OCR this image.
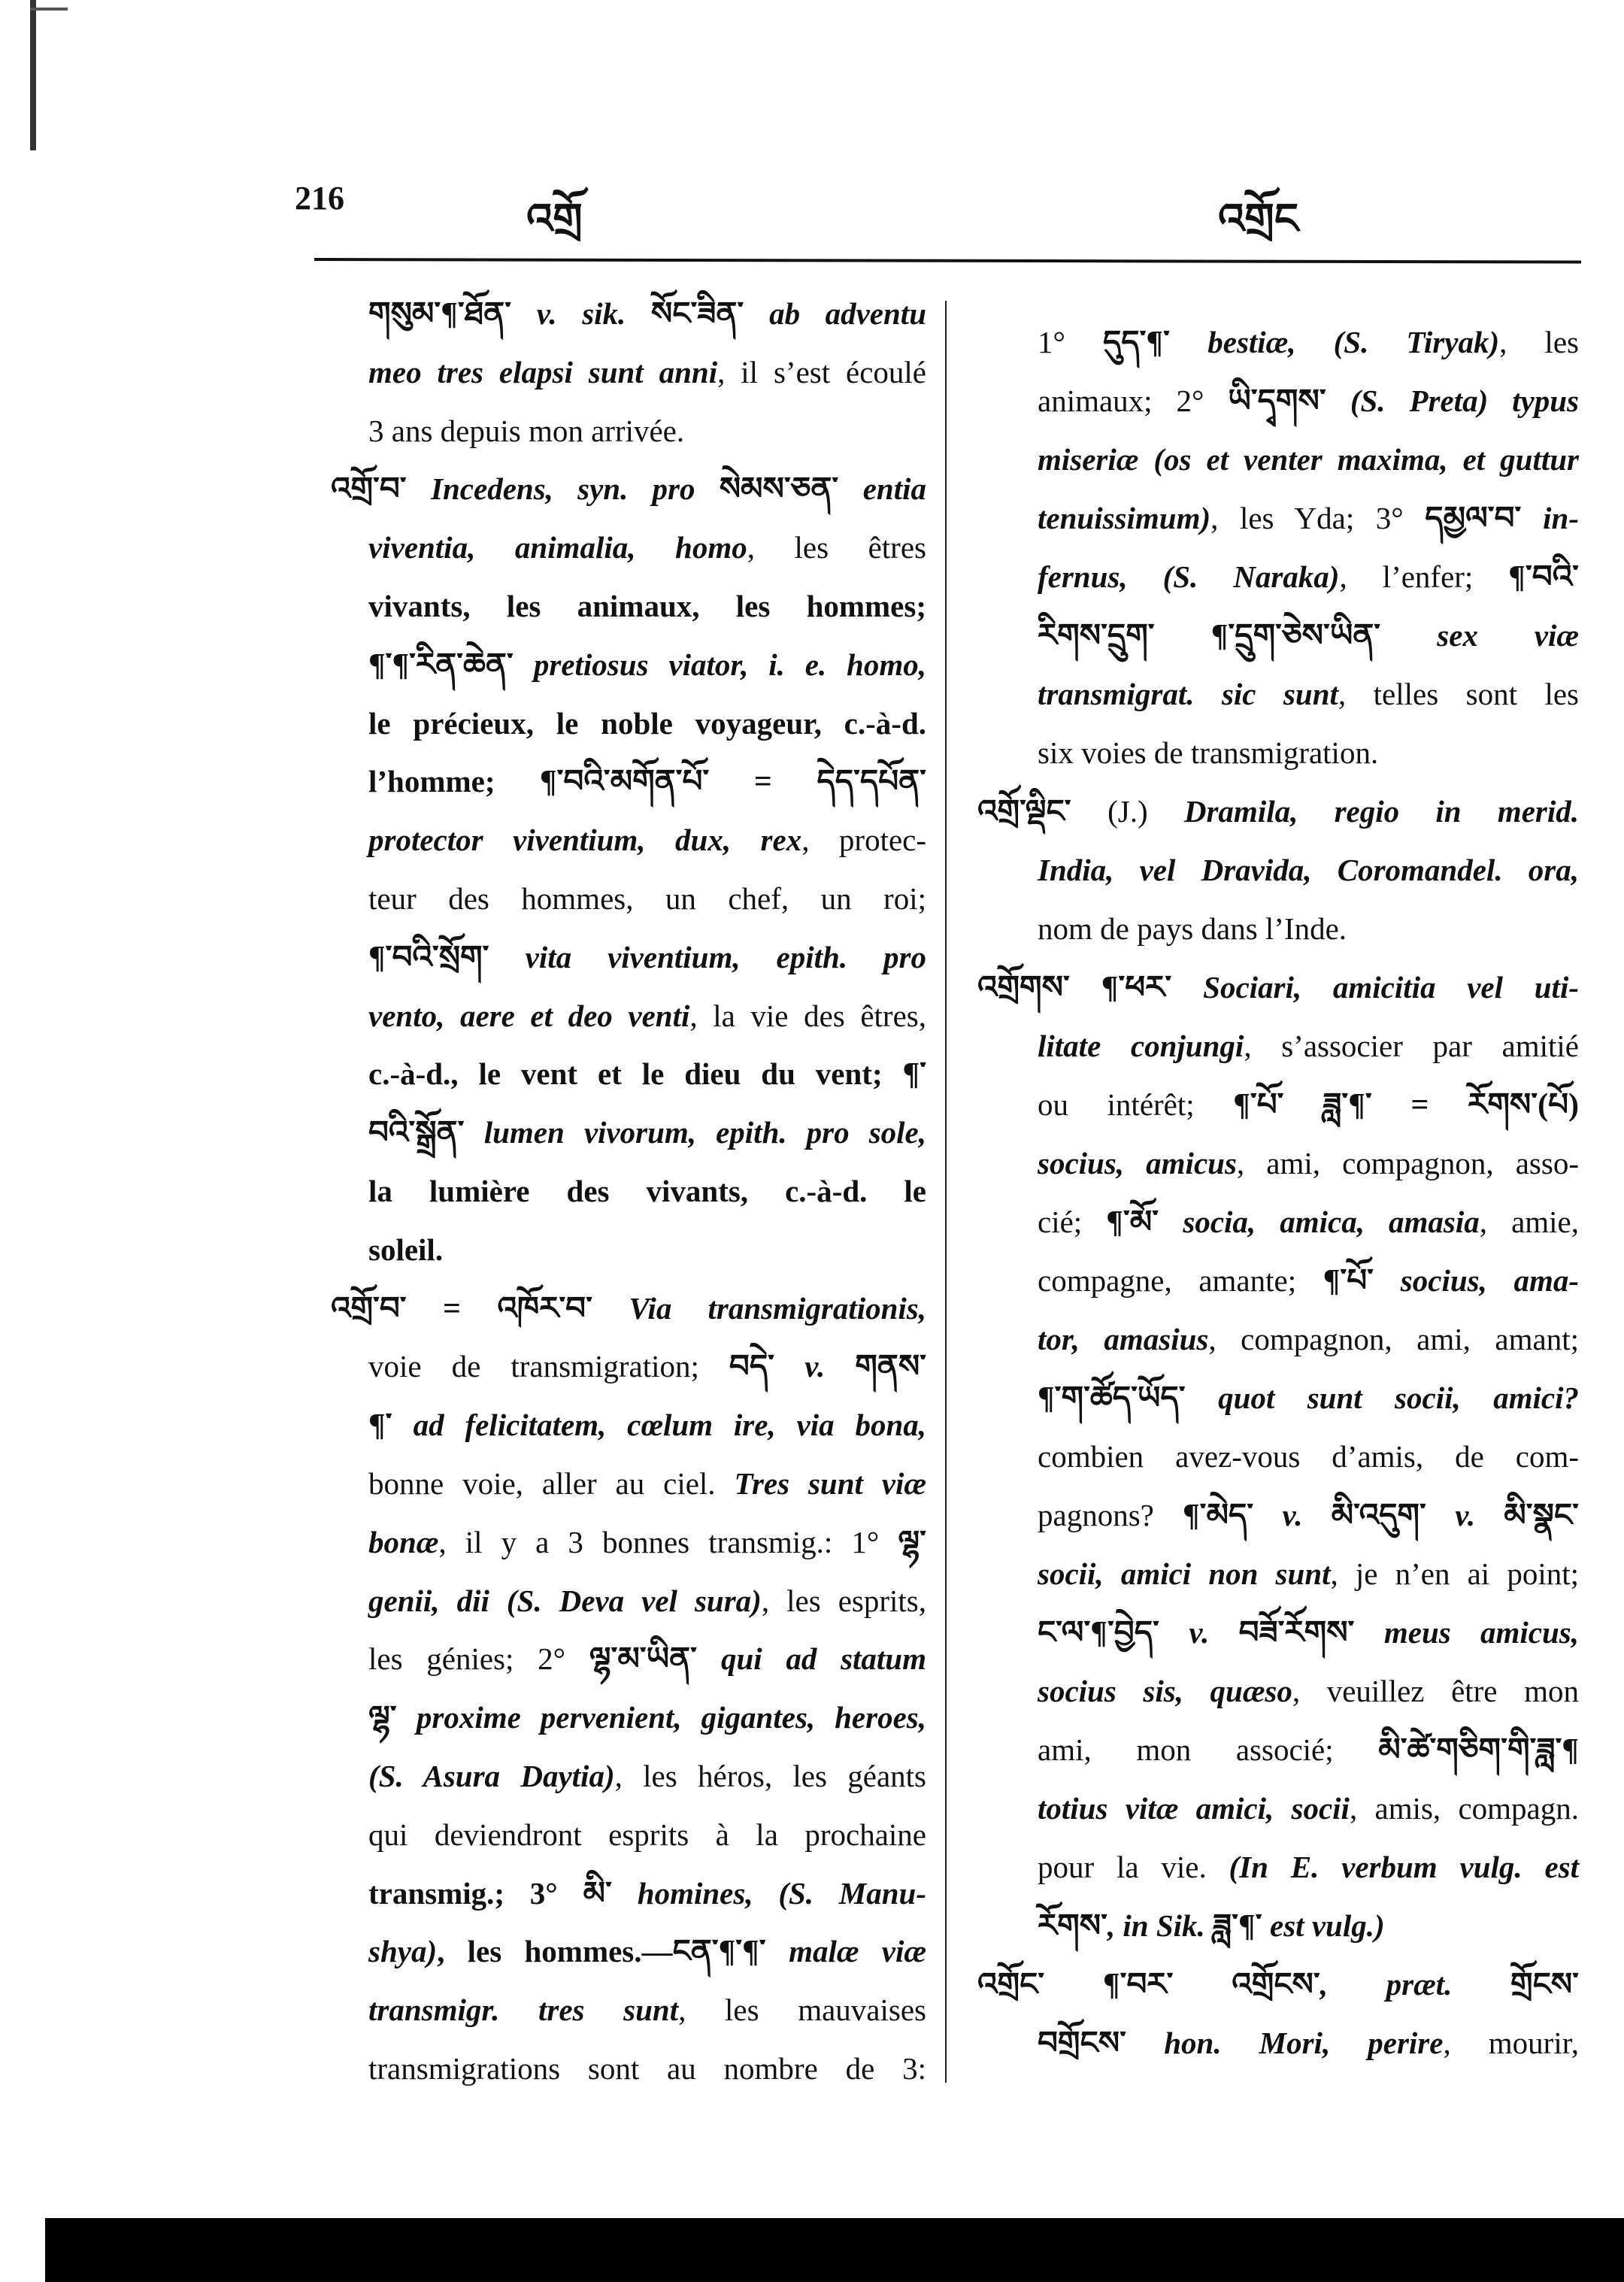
216	འགྲོ	འགྲོང
གསུམ་¶་ཐོན་ v. sik. སོང་ཟིན་ ab adventu
meo tres elapsi sunt anni, il s’est écoulé
3 ans depuis mon arrivée.
འགྲོ་བ་ Incedens, syn. pro སེམས་ཅན་ entia
viventia, animalia, homo, les êtres
vivants, les animaux, les hommes;
¶་¶་རིན་ཆེན་ pretiosus viator, i. e. homo,
le précieux, le noble voyageur, c.-à-d.
l’homme; ¶་བའི་མགོན་པོ་ = དེད་དཔོན་
protector viventium, dux, rex, protec-
teur des hommes, un chef, un roi;
¶་བའི་སྲོག་ vita viventium, epith. pro
vento, aere et deo venti, la vie des êtres,
c.-à-d., le vent et le dieu du vent; ¶་
བའི་སྒྲོན་ lumen vivorum, epith. pro sole,
la lumière des vivants, c.-à-d. le
soleil.
འགྲོ་བ་ = འཁོར་བ་ Via transmigrationis,
voie de transmigration; བདེ་ v. གནས་
¶་ ad felicitatem, cœlum ire, via bona,
bonne voie, aller au ciel. Tres sunt viæ
bonæ, il y a 3 bonnes transmig.: 1° ལྷ་
genii, dii (S. Deva vel sura), les esprits,
les génies; 2° ལྷ་མ་ཡིན་ qui ad statum
ལྷ་ proxime pervenient, gigantes, heroes,
(S. Asura Daytia), les héros, les géants
qui deviendront esprits à la prochaine
transmig.; 3° མི་ homines, (S. Manu-
shya), les hommes.—ངན་¶་¶་ malæ viæ
transmigr. tres sunt, les mauvaises
transmigrations sont au nombre de 3:
1° དུད་¶་ bestiæ, (S. Tiryak), les
animaux; 2° ཡི་དྭགས་ (S. Preta) typus
miseriæ (os et venter maxima, et guttur
tenuissimum), les Yda; 3° དམྱལ་བ་ in-
fernus, (S. Naraka), l’enfer; ¶་བའི་
རིགས་དྲུག་ ¶་དྲུག་ཅེས་ཡིན་ sex viæ
transmigrat. sic sunt, telles sont les
six voies de transmigration.
འགྲོ་ལྡིང་ (J.) Dramila, regio in merid.
India, vel Dravida, Coromandel. ora,
nom de pays dans l’Inde.
འགྲོགས་ ¶་ཕར་ Sociari, amicitia vel uti-
litate conjungi, s’associer par amitié
ou intérêt; ¶་པོ་ ཟླ་¶་ = རོགས་(པོ)
socius, amicus, ami, compagnon, asso-
cié; ¶་མོ་ socia, amica, amasia, amie,
compagne, amante; ¶་པོ་ socius, ama-
tor, amasius, compagnon, ami, amant;
¶་ག་ཚོད་ཡོད་ quot sunt socii, amici?
combien avez-vous d’amis, de com-
pagnons? ¶་མེད་ v. མི་འདུག་ v. མི་སྣང་
socii, amici non sunt, je n’en ai point;
ང་ལ་¶་བྱེད་ v. བཟོ་རོགས་ meus amicus,
socius sis, quæso, veuillez être mon
ami, mon associé; མི་ཚེ་གཅིག་གི་ཟླ་¶
totius vitæ amici, socii, amis, compagn.
pour la vie. (In E. verbum vulg. est
རོགས་, in Sik. ཟླ་¶་ est vulg.)
འགྲོང་ ¶་བར་ འགྲོངས་, præt. གྲོངས་
བགྲོངས་ hon. Mori, perire, mourir,
